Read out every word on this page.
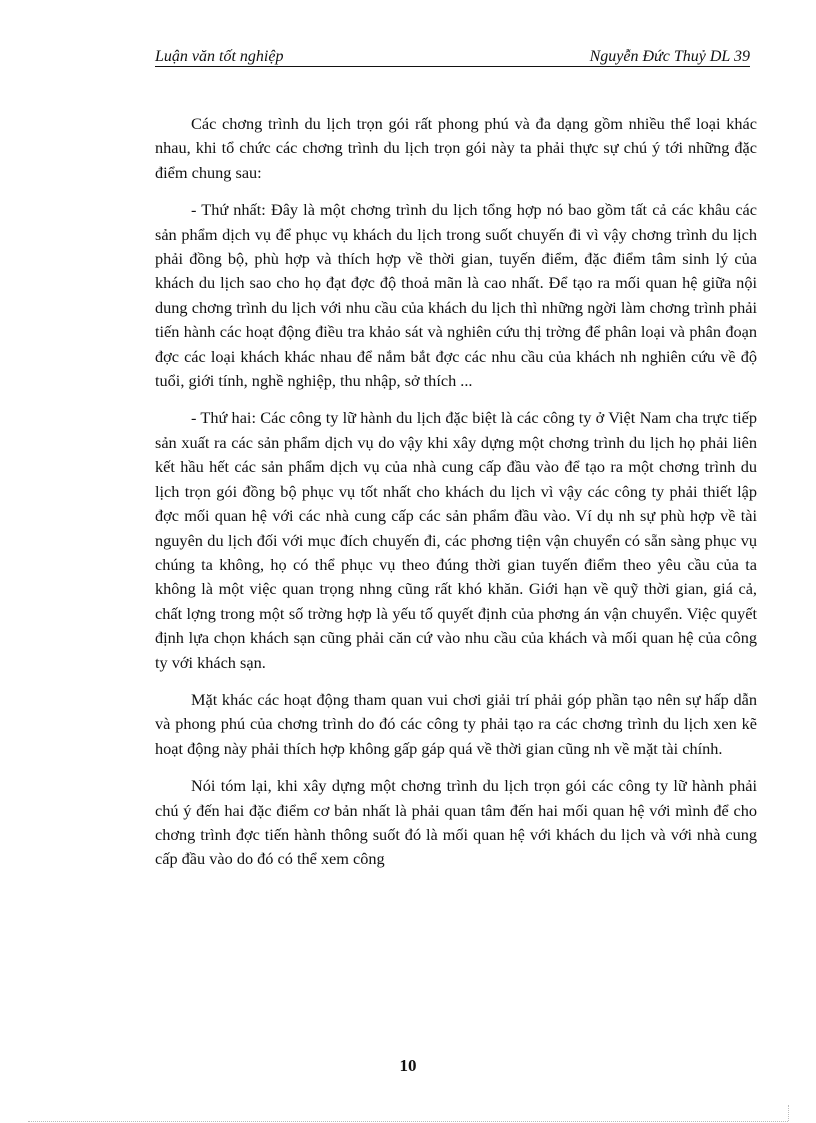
Luận văn tốt nghiệp	Nguyễn Đức Thuỷ DL 39

Các chơng trình du lịch trọn gói rất phong phú và đa dạng gồm nhiều thể loại khác nhau, khi tổ chức các chơng trình du lịch trọn gói này ta phải thực sự chú ý tới những đặc điểm chung sau:

- Thứ nhất: Đây là một chơng trình du lịch tổng hợp nó bao gồm tất cả các khâu các sản phẩm dịch vụ để phục vụ khách du lịch trong suốt chuyến đi vì vậy chơng trình du lịch phải đồng bộ, phù hợp và thích hợp về thời gian, tuyến điểm, đặc điểm tâm sinh lý của khách du lịch sao cho họ đạt đợc độ thoả mãn là cao nhất. Để tạo ra mối quan hệ giữa nội dung chơng trình du lịch với nhu cầu của khách du lịch thì những ngời làm chơng trình phải tiến hành các hoạt động điều tra khảo sát và nghiên cứu thị trờng để phân loại và phân đoạn đợc các loại khách khác nhau để nắm bắt đợc các nhu cầu của khách nh nghiên cứu về độ tuổi, giới tính, nghề nghiệp, thu nhập, sở thích ...

- Thứ hai: Các công ty lữ hành du lịch đặc biệt là các công ty ở Việt Nam cha trực tiếp sản xuất ra các sản phẩm dịch vụ do vậy khi xây dựng một chơng trình du lịch họ phải liên kết hầu hết các sản phẩm dịch vụ của nhà cung cấp đầu vào để tạo ra một chơng trình du lịch trọn gói đồng bộ phục vụ tốt nhất cho khách du lịch vì vậy các công ty phải thiết lập đợc mối quan hệ với các nhà cung cấp các sản phẩm đầu vào. Ví dụ nh sự phù hợp về tài nguyên du lịch đối với mục đích chuyến đi, các phơng tiện vận chuyển có sẵn sàng phục vụ chúng ta không, họ có thể phục vụ theo đúng thời gian tuyến điểm theo yêu cầu của ta không là một việc quan trọng nhng cũng rất khó khăn. Giới hạn về quỹ thời gian, giá cả, chất lợng trong một số trờng hợp là yếu tố quyết định của phơng án vận chuyển. Việc quyết định lựa chọn khách sạn cũng phải căn cứ vào nhu cầu của khách và mối quan hệ của công ty với khách sạn.

Mặt khác các hoạt động tham quan vui chơi giải trí phải góp phần tạo nên sự hấp dẫn và phong phú của chơng trình do đó các công ty phải tạo ra các chơng trình du lịch xen kẽ hoạt động này phải thích hợp không gấp gáp quá về thời gian cũng nh về mặt tài chính.

Nói tóm lại, khi xây dựng một chơng trình du lịch trọn gói các công ty lữ hành phải chú ý đến hai đặc điểm cơ bản nhất là phải quan tâm đến hai mối quan hệ với mình để cho chơng trình đợc tiến hành thông suốt đó là mối quan hệ với khách du lịch và với nhà cung cấp đầu vào do đó có thể xem công

10
